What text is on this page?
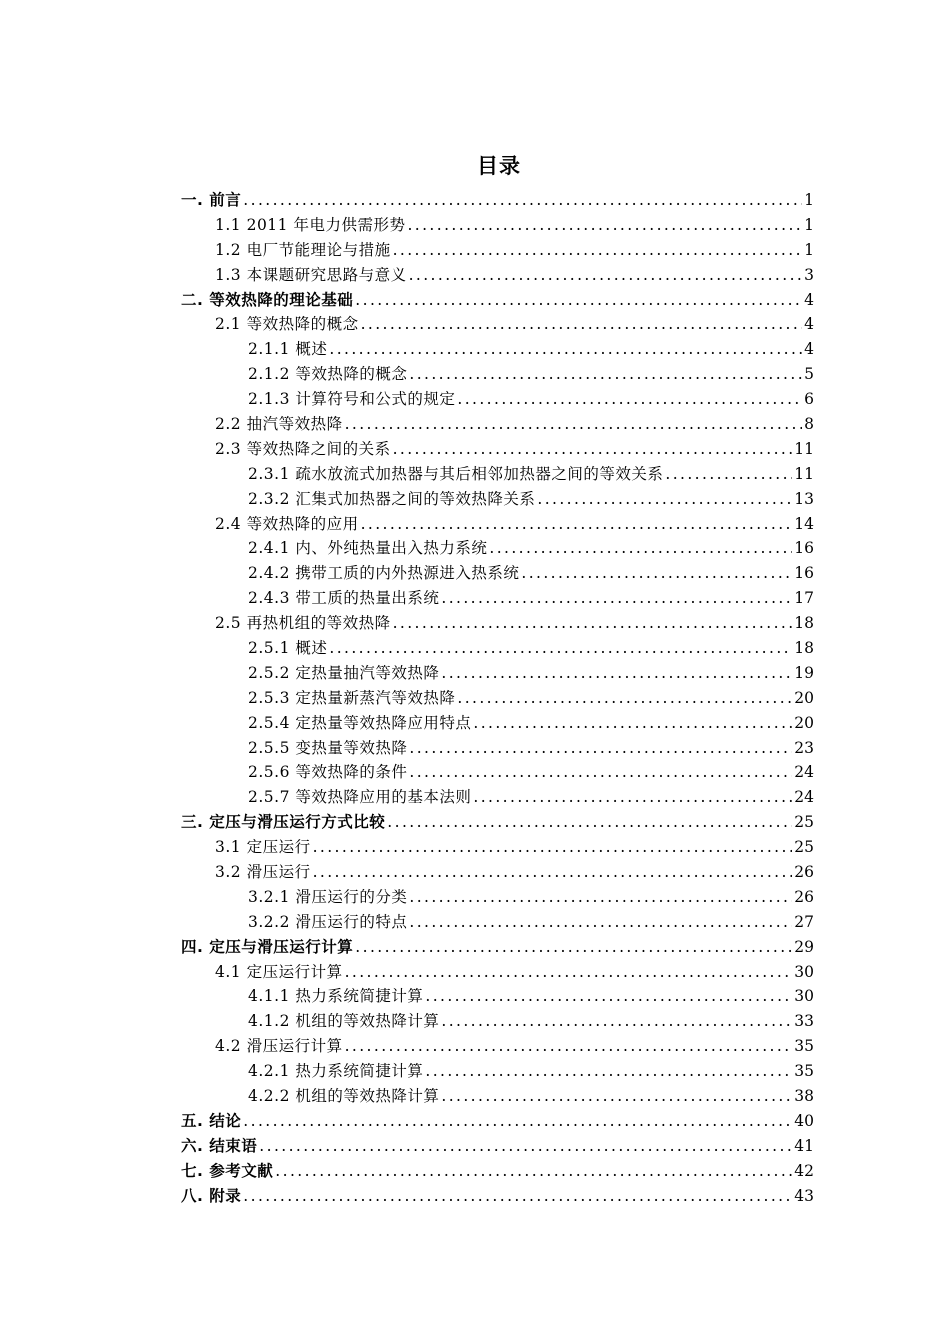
目录
一. 前言 .....	1
1.1 2011 年电力供需形势 .....	1
1.2 电厂节能理论与措施 .....	1
1.3 本课题研究思路与意义 .....	3
二. 等效热降的理论基础 .....	4
2.1 等效热降的概念 .....	4
2.1.1 概述 .....	4
2.1.2 等效热降的概念 .....	5
2.1.3 计算符号和公式的规定 .....	6
2.2 抽汽等效热降 .....	8
2.3 等效热降之间的关系 .....	11
2.3.1 疏水放流式加热器与其后相邻加热器之间的等效关系 .....	11
2.3.2 汇集式加热器之间的等效热降关系 .....	13
2.4 等效热降的应用 .....	14
2.4.1 内、外纯热量出入热力系统 .....	16
2.4.2 携带工质的内外热源进入热系统 .....	16
2.4.3 带工质的热量出系统 .....	17
2.5 再热机组的等效热降 .....	18
2.5.1 概述 .....	18
2.5.2 定热量抽汽等效热降 .....	19
2.5.3 定热量新蒸汽等效热降 .....	20
2.5.4 定热量等效热降应用特点 .....	20
2.5.5 变热量等效热降 .....	23
2.5.6 等效热降的条件 .....	24
2.5.7 等效热降应用的基本法则 .....	24
三. 定压与滑压运行方式比较 .....	25
3.1 定压运行 .....	25
3.2 滑压运行 .....	26
3.2.1 滑压运行的分类 .....	26
3.2.2 滑压运行的特点 .....	27
四. 定压与滑压运行计算 .....	29
4.1 定压运行计算 .....	30
4.1.1 热力系统简捷计算 .....	30
4.1.2 机组的等效热降计算 .....	33
4.2 滑压运行计算 .....	35
4.2.1 热力系统简捷计算 .....	35
4.2.2 机组的等效热降计算 .....	38
五. 结论 .....	40
六. 结束语 .....	41
七. 参考文献 .....	42
八. 附录 .....	43
